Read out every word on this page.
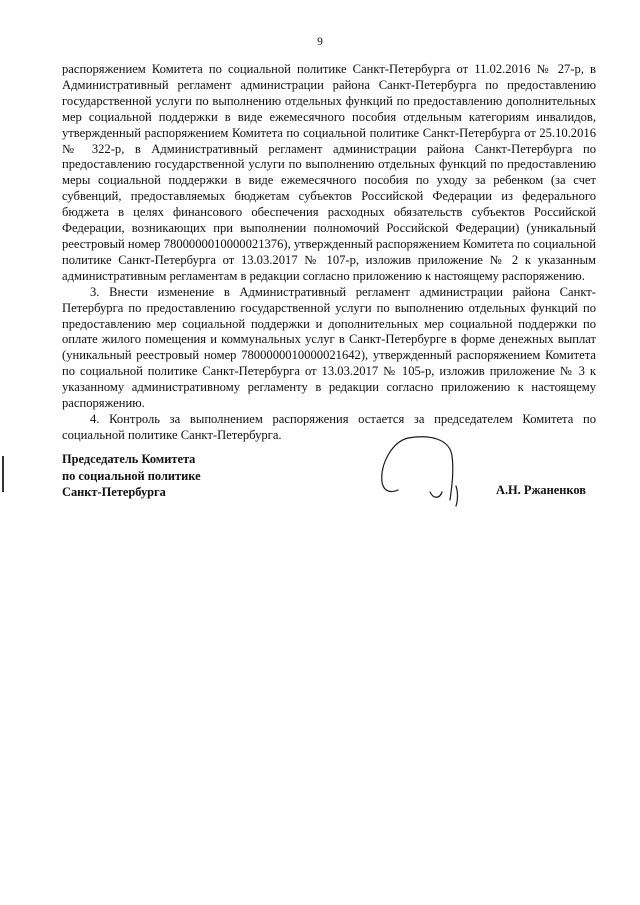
9

распоряжением Комитета по социальной политике Санкт-Петербурга от 11.02.2016 № 27-р, в Административный регламент администрации района Санкт-Петербурга по предоставлению государственной услуги по выполнению отдельных функций по предоставлению дополнительных мер социальной поддержки в виде ежемесячного пособия отдельным категориям инвалидов, утвержденный распоряжением Комитета по социальной политике Санкт-Петербурга от 25.10.2016 № 322-р, в Административный регламент администрации района Санкт-Петербурга по предоставлению государственной услуги по выполнению отдельных функций по предоставлению меры социальной поддержки в виде ежемесячного пособия по уходу за ребенком (за счет субвенций, предоставляемых бюджетам субъектов Российской Федерации из федерального бюджета в целях финансового обеспечения расходных обязательств субъектов Российской Федерации, возникающих при выполнении полномочий Российской Федерации) (уникальный реестровый номер 7800000010000021376), утвержденный распоряжением Комитета по социальной политике Санкт-Петербурга от 13.03.2017 № 107-р, изложив приложение № 2 к указанным административным регламентам в редакции согласно приложению к настоящему распоряжению.

3. Внести изменение в Административный регламент администрации района Санкт-Петербурга по предоставлению государственной услуги по выполнению отдельных функций по предоставлению мер социальной поддержки и дополнительных мер социальной поддержки по оплате жилого помещения и коммунальных услуг в Санкт-Петербурге в форме денежных выплат (уникальный реестровый номер 7800000010000021642), утвержденный распоряжением Комитета по социальной политике Санкт-Петербурга от 13.03.2017 № 105-р, изложив приложение № 3 к указанному административному регламенту в редакции согласно приложению к настоящему распоряжению.

4. Контроль за выполнением распоряжения остается за председателем Комитета по социальной политике Санкт-Петербурга.

Председатель Комитета
по социальной политике
Санкт-Петербурга	А.Н. Ржаненков
